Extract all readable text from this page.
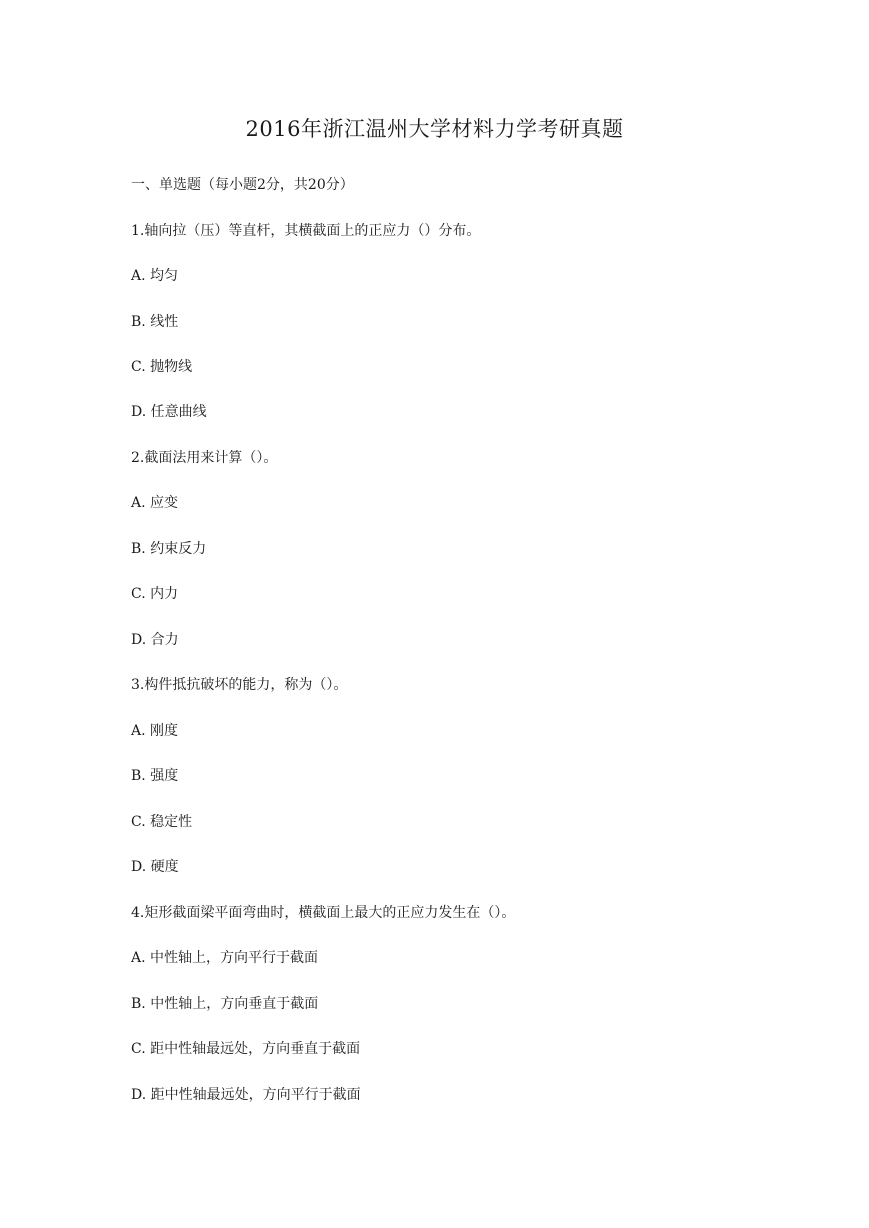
2016年浙江温州大学材料力学考研真题
一、单选题（每小题2分，共20分）
1.轴向拉（压）等直杆，其横截面上的正应力（）分布。
A. 均匀
B. 线性
C. 抛物线
D. 任意曲线
2.截面法用来计算（）。
A. 应变
B. 约束反力
C. 内力
D. 合力
3.构件抵抗破坏的能力，称为（）。
A. 刚度
B. 强度
C. 稳定性
D. 硬度
4.矩形截面梁平面弯曲时，横截面上最大的正应力发生在（）。
A. 中性轴上，方向平行于截面
B. 中性轴上，方向垂直于截面
C. 距中性轴最远处，方向垂直于截面
D. 距中性轴最远处，方向平行于截面
